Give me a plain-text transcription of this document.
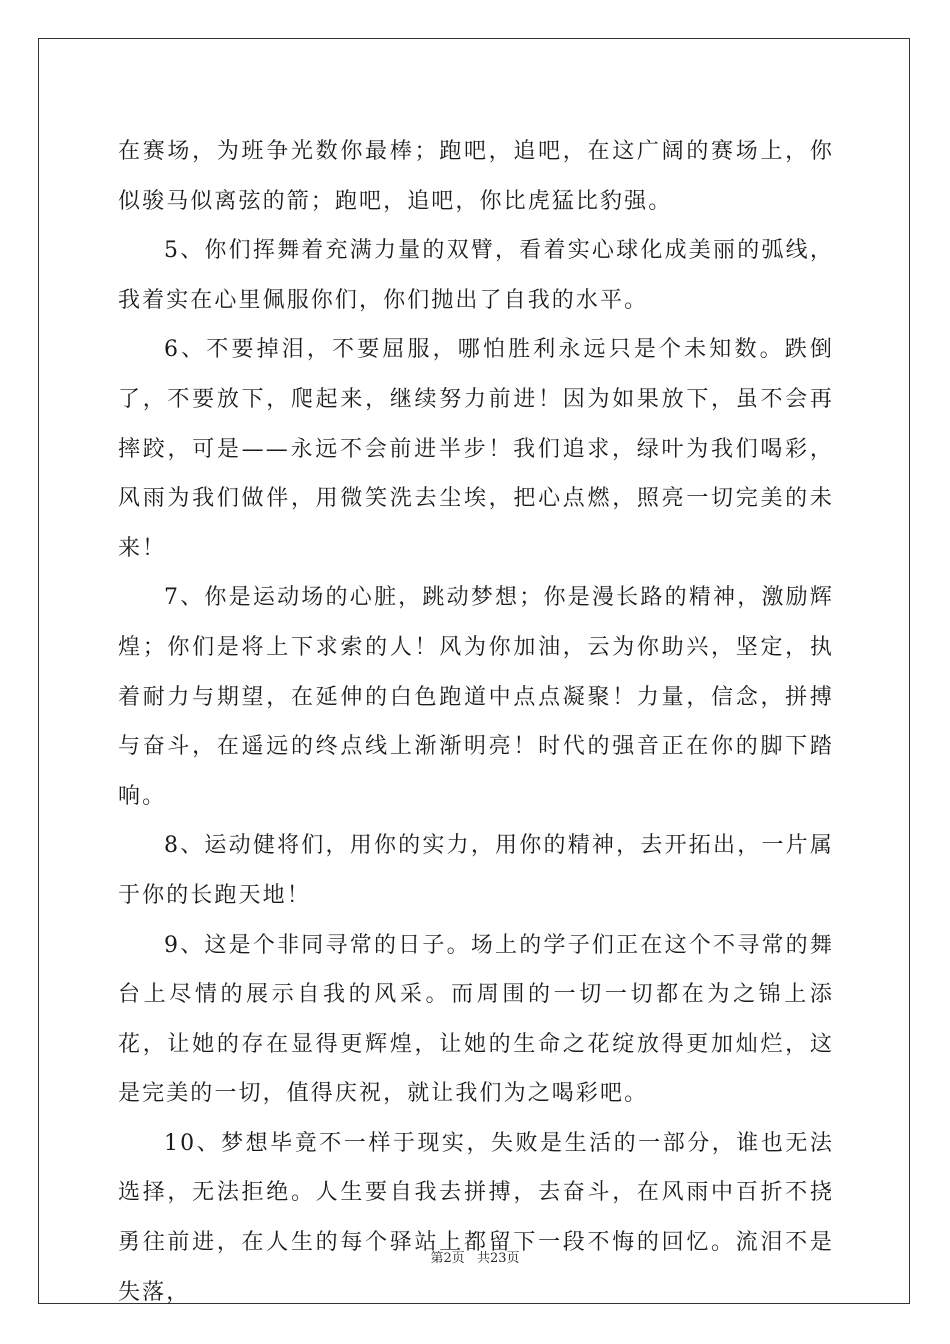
在赛场，为班争光数你最棒；跑吧，追吧，在这广阔的赛场上，你似骏马似离弦的箭；跑吧，追吧，你比虎猛比豹强。

5、你们挥舞着充满力量的双臂，看着实心球化成美丽的弧线，我着实在心里佩服你们，你们抛出了自我的水平。

6、不要掉泪，不要屈服，哪怕胜利永远只是个未知数。跌倒了，不要放下，爬起来，继续努力前进！因为如果放下，虽不会再摔跤，可是——永远不会前进半步！我们追求，绿叶为我们喝彩，风雨为我们做伴，用微笑洗去尘埃，把心点燃，照亮一切完美的未来！

7、你是运动场的心脏，跳动梦想；你是漫长路的精神，激励辉煌；你们是将上下求索的人！风为你加油，云为你助兴，坚定，执着耐力与期望，在延伸的白色跑道中点点凝聚！力量，信念，拼搏与奋斗，在遥远的终点线上渐渐明亮！时代的强音正在你的脚下踏响。

8、运动健将们，用你的实力，用你的精神，去开拓出，一片属于你的长跑天地！

9、这是个非同寻常的日子。场上的学子们正在这个不寻常的舞台上尽情的展示自我的风采。而周围的一切一切都在为之锦上添花，让她的存在显得更辉煌，让她的生命之花绽放得更加灿烂，这是完美的一切，值得庆祝，就让我们为之喝彩吧。

10、梦想毕竟不一样于现实，失败是生活的一部分，谁也无法选择，无法拒绝。人生要自我去拼搏，去奋斗，在风雨中百折不挠勇往前进，在人生的每个驿站上都留下一段不悔的回忆。流泪不是失落，

第2页 共23页
